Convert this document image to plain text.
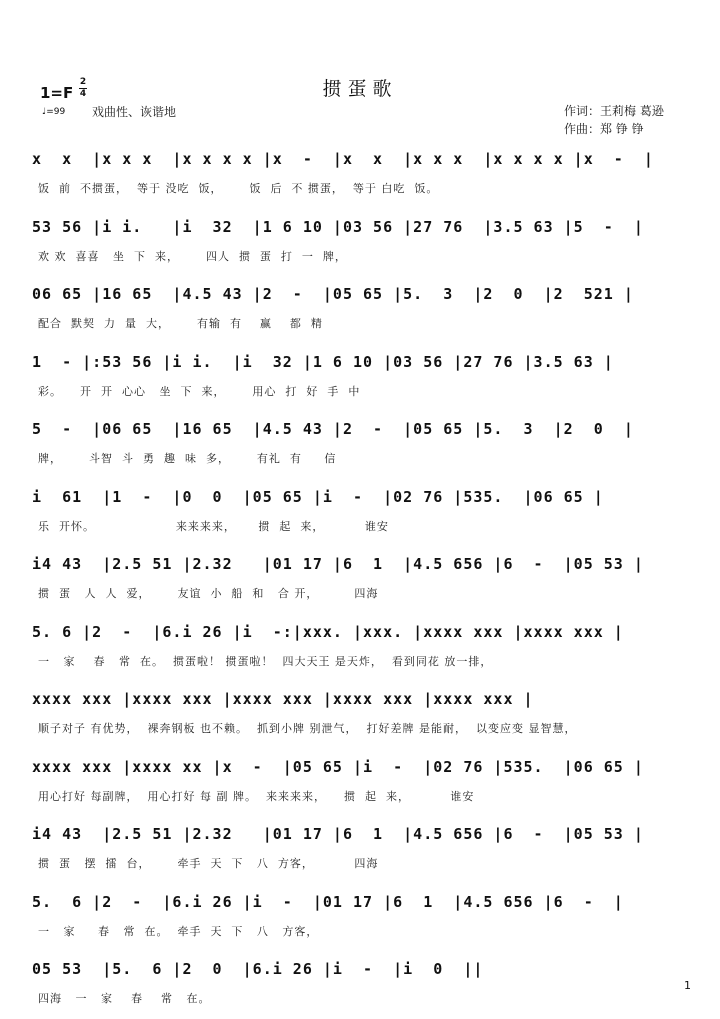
掼蛋歌
1=F
2
4
♩=99 戏曲性、诙谐地	作词：王莉梅 葛逊
作曲：郑 铮 铮
x  x  |x x x  |x x x x |x  -  |x  x  |x x x  |x x x x |x  -  |
饭  前  不掼蛋，  等于 没吃  饭，      饭  后  不 掼蛋，  等于 白吃  饭。
53 56 |i i.   |i  32  |1 6 10 |03 56 |27 76  |3.5 63 |5  -  |
欢 欢  喜喜   坐  下  来，      四人  掼  蛋  打  一  牌，
06 65 |16 65  |4.5 43 |2  -  |05 65 |5.  3  |2  0  |2  521 |
配合  默契  力  量  大，      有输  有    赢    都  精
1  - |:53 56 |i i.  |i  32 |1 6 10 |03 56 |27 76 |3.5 63 |
彩。    开  开  心心   坐  下  来，      用心  打  好  手  中
5  -  |06 65  |16 65  |4.5 43 |2  -  |05 65 |5.  3  |2  0  |
牌，      斗智  斗  勇  趣  味  多，      有礼  有     信
i  61  |1  -  |0  0  |05 65 |i  -  |02 76 |535.  |06 65 |
乐  开怀。                  来来来来，     掼  起  来，         谁安
i4 43  |2.5 51 |2.32   |01 17 |6  1  |4.5 656 |6  -  |05 53 |
掼  蛋   人  人  爱，      友谊  小  船  和   合 开，        四海
5. 6 |2  -  |6.i 26 |i  -:|xxx. |xxx. |xxxx xxx |xxxx xxx |
一   家    春   常  在。  掼蛋啦！ 掼蛋啦！  四大天王 是天炸，  看到同花 放一排，
xxxx xxx |xxxx xxx |xxxx xxx |xxxx xxx |xxxx xxx |
顺子对子 有优势，  裸奔钢板 也不赖。  抓到小牌 别泄气，  打好差牌 是能耐，  以变应变 显智慧，
xxxx xxx |xxxx xx |x  -  |05 65 |i  -  |02 76 |535.  |06 65 |
用心打好 每副牌，  用心打好 每 副 牌。  来来来来，    掼  起  来，         谁安
i4 43  |2.5 51 |2.32   |01 17 |6  1  |4.5 656 |6  -  |05 53 |
掼  蛋   摆  擂  台，      牵手  天  下   八  方客，         四海
5.  6 |2  -  |6.i 26 |i  -  |01 17 |6  1  |4.5 656 |6  -  |
一   家     春   常  在。  牵手  天  下   八   方客，
05 53  |5.  6 |2  0  |6.i 26 |i  -  |i  0  ||
四海   一   家    春    常   在。
1
